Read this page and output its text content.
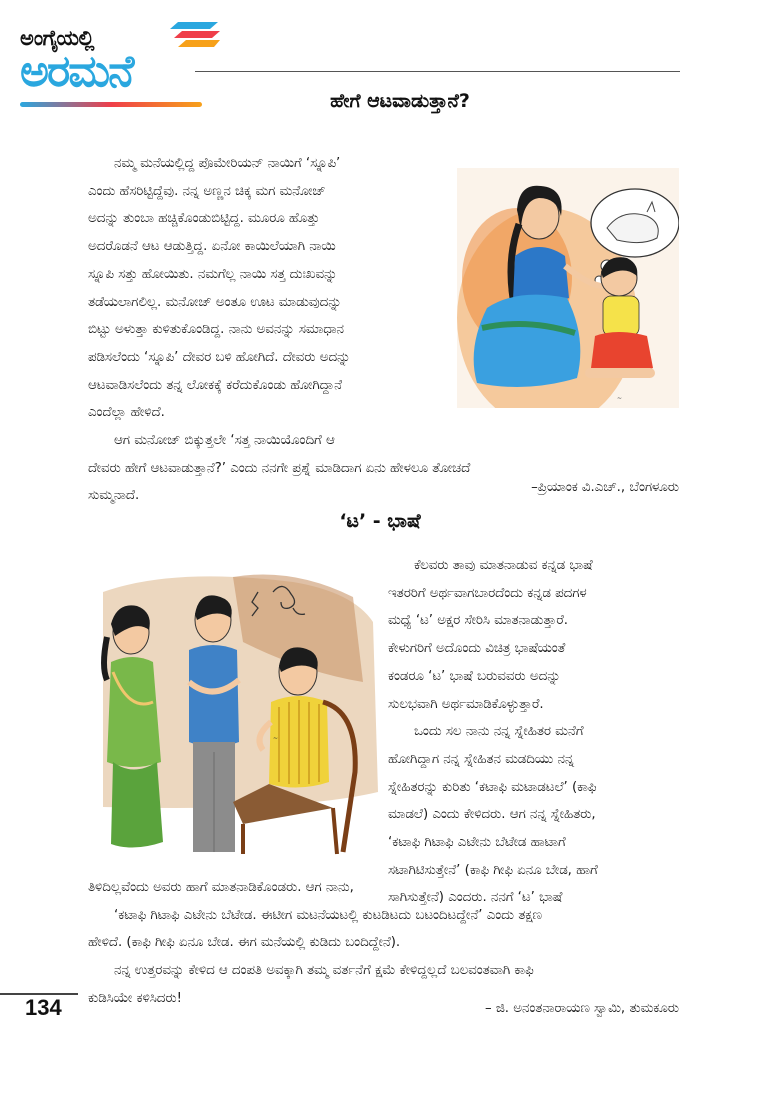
ಅಂಗೈಯಲ್ಲಿ
ಅರಮನೆ
ಹೇಗೆ ಆಟವಾಡುತ್ತಾನೆ?
ನಮ್ಮ ಮನೆಯಲ್ಲಿದ್ದ ಪೊಮೇರಿಯನ್ ನಾಯಿಗೆ ‘ಸ್ನೂಪಿ’
ಎಂದು ಹೆಸರಿಟ್ಟಿದ್ದೆವು. ನನ್ನ ಅಣ್ಣನ ಚಿಕ್ಕ ಮಗ ಮನೋಜ್
ಅದನ್ನು ತುಂಬಾ ಹಚ್ಚಿಕೊಂಡುಬಿಟ್ಟಿದ್ದ. ಮೂರೂ ಹೊತ್ತು
ಅದರೊಡನೆ ಆಟ ಆಡುತ್ತಿದ್ದ. ಏನೋ ಕಾಯಿಲೆಯಾಗಿ ನಾಯಿ
ಸ್ನೂಪಿ ಸತ್ತು ಹೋಯಿತು. ನಮಗೆಲ್ಲ ನಾಯಿ ಸತ್ತ ದುಃಖವನ್ನು
ತಡೆಯಲಾಗಲಿಲ್ಲ. ಮನೋಜ್ ಅಂತೂ ಊಟ ಮಾಡುವುದನ್ನು
ಬಿಟ್ಟು ಅಳುತ್ತಾ ಕುಳಿತುಕೊಂಡಿದ್ದ. ನಾನು ಅವನನ್ನು ಸಮಾಧಾನ
ಪಡಿಸಲೆಂದು ‘ಸ್ನೂಪಿ’ ದೇವರ ಬಳಿ ಹೋಗಿದೆ. ದೇವರು ಅದನ್ನು
ಆಟವಾಡಿಸಲೆಂದು ತನ್ನ ಲೋಕಕ್ಕೆ ಕರೆದುಕೊಂಡು ಹೋಗಿದ್ದಾನೆ
ಎಂದೆಲ್ಲಾ ಹೇಳಿದೆ.
ಆಗ ಮನೋಜ್ ಬಿಕ್ಕುತ್ತಲೇ ‘ಸತ್ತ ನಾಯಿಯೊಂದಿಗೆ ಆ
ದೇವರು ಹೇಗೆ ಆಟವಾಡುತ್ತಾನೆ?’ ಎಂದು ನನಗೇ ಪ್ರಶ್ನೆ ಮಾಡಿದಾಗ ಏನು ಹೇಳಲೂ ತೋಚದೆ
ಸುಮ್ಮನಾದೆ.
–ಪ್ರಿಯಾಂಕ ವಿ.ಎಚ್., ಬೆಂಗಳೂರು
~
‘ಟ’ - ಭಾಷೆ
~
ಕೆಲವರು ತಾವು ಮಾತನಾಡುವ ಕನ್ನಡ ಭಾಷೆ
ಇತರರಿಗೆ ಅರ್ಥವಾಗಬಾರದೆಂದು ಕನ್ನಡ ಪದಗಳ
ಮಧ್ಯೆ ‘ಟ’ ಅಕ್ಷರ ಸೇರಿಸಿ ಮಾತನಾಡುತ್ತಾರೆ.
ಕೇಳುಗರಿಗೆ ಅದೊಂದು ವಿಚಿತ್ರ ಭಾಷೆಯಂತೆ
ಕಂಡರೂ ‘ಟ’ ಭಾಷೆ ಬರುವವರು ಅದನ್ನು
ಸುಲಭವಾಗಿ ಅರ್ಥಮಾಡಿಕೊಳ್ಳುತ್ತಾರೆ.
ಒಂದು ಸಲ ನಾನು ನನ್ನ ಸ್ನೇಹಿತರ ಮನೆಗೆ
ಹೋಗಿದ್ದಾಗ ನನ್ನ ಸ್ನೇಹಿತನ ಮಡದಿಯು ನನ್ನ
ಸ್ನೇಹಿತರನ್ನು ಕುರಿತು ‘ಕಟಾಫಿ ಮಟಾಡಟಲೆ’ (ಕಾಫಿ
ಮಾಡಲೆ) ಎಂದು ಕೇಳಿದರು. ಆಗ ನನ್ನ ಸ್ನೇಹಿತರು,
‘ಕಟಾಫಿ ಗಿಟಾಫಿ ಎಟೇನು ಬೆಟೇಡ ಹಾಟಾಗೆ
ಸಟಾಗಿಟಿಸುತ್ತೇನೆ’ (ಕಾಫಿ ಗೀಫಿ ಏನೂ ಬೇಡ, ಹಾಗೆ
ಸಾಗಿಸುತ್ತೇನೆ) ಎಂದರು. ನನಗೆ ‘ಟ’ ಭಾಷೆ
ತಿಳಿದಿಲ್ಲವೆಂದು ಅವರು ಹಾಗೆ ಮಾತನಾಡಿಕೊಂಡರು. ಆಗ ನಾನು,
‘ಕಟಾಫಿ ಗಿಟಾಫಿ ಎಟೇನು ಬೆಟೇಡ. ಈಟೀಗ ಮಟನೆಯಟಲ್ಲಿ ಕುಟಡಿಟದು ಬಟಂದಿಟದ್ದೇನೆ’ ಎಂದು ತಕ್ಷಣ
ಹೇಳಿದೆ. (ಕಾಫಿ ಗೀಫಿ ಏನೂ ಬೇಡ. ಈಗ ಮನೆಯಲ್ಲಿ ಕುಡಿದು ಬಂದಿದ್ದೇನೆ).
ನನ್ನ ಉತ್ತರವನ್ನು ಕೇಳಿದ ಆ ದಂಪತಿ ಅವಕ್ಕಾಗಿ ತಮ್ಮ ವರ್ತನೆಗೆ ಕ್ಷಮೆ ಕೇಳಿದ್ದಲ್ಲದೆ ಬಲವಂತವಾಗಿ ಕಾಫಿ
ಕುಡಿಸಿಯೇ ಕಳಿಸಿದರು!
– ಜಿ. ಅನಂತನಾರಾಯಣ ಸ್ವಾಮಿ, ತುಮಕೂರು
134
